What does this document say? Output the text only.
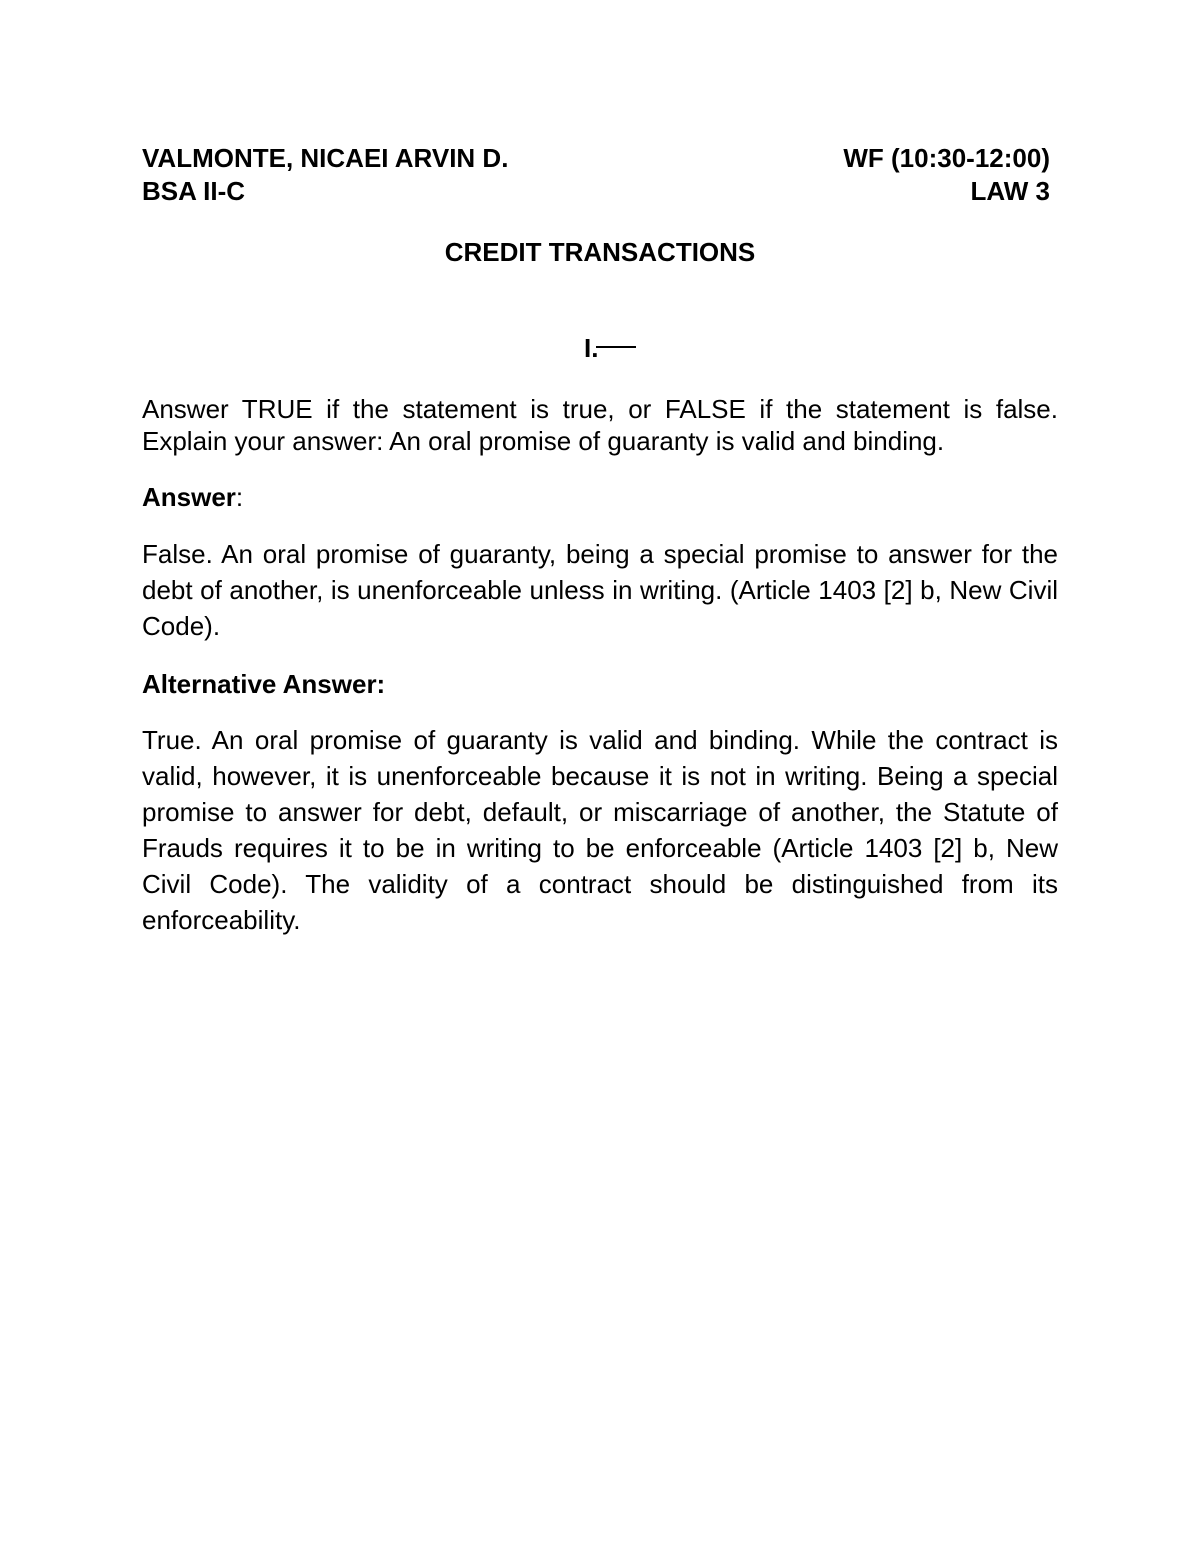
VALMONTE, NICAEI ARVIN D.	WF (10:30-12:00)
BSA II-C	LAW 3
CREDIT TRANSACTIONS
I.
Answer TRUE if the statement is true, or FALSE if the statement is false. Explain your answer: An oral promise of guaranty is valid and binding.
Answer:
False. An oral promise of guaranty, being a special promise to answer for the debt of another, is unenforceable unless in writing. (Article 1403 [2] b, New Civil Code).
Alternative Answer:
True. An oral promise of guaranty is valid and binding. While the contract is valid, however, it is unenforceable because it is not in writing. Being a special promise to answer for debt, default, or miscarriage of another, the Statute of Frauds requires it to be in writing to be enforceable (Article 1403 [2] b, New Civil Code). The validity of a contract should be distinguished from its enforceability.
